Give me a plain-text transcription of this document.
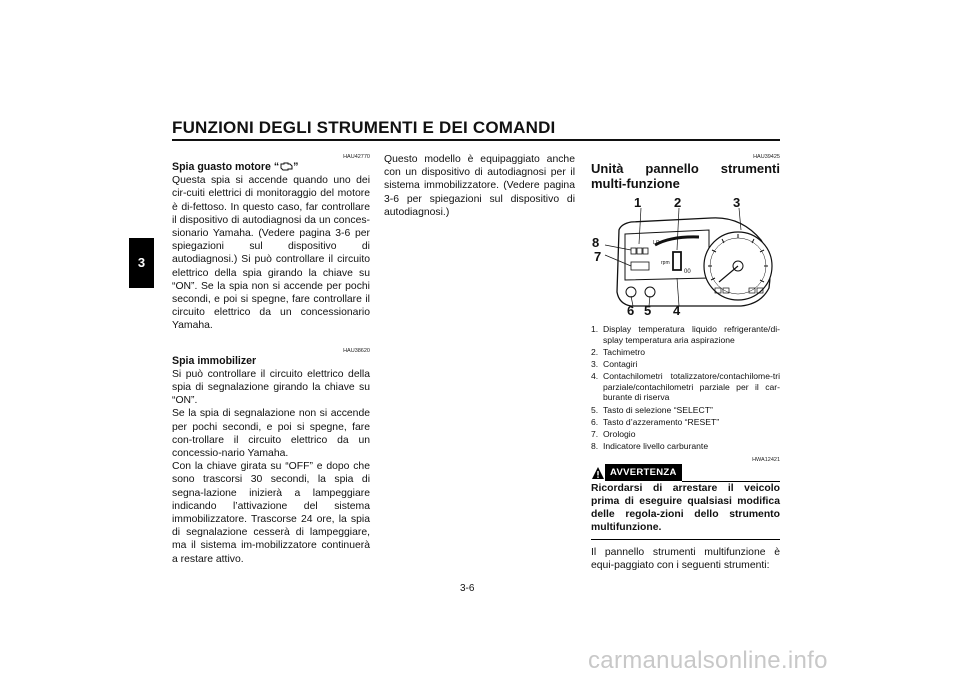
FUNZIONI DEGLI STRUMENTI E DEI COMANDI
3
HAU42770
Spia guasto motore “ ”

Questa spia si accende quando uno dei cir-cuiti elettrici di monitoraggio del motore è di-fettoso. In questo caso, far controllare il dispositivo di autodiagnosi da un conces-sionario Yamaha. (Vedere pagina 3-6 per spiegazioni sul dispositivo di autodiagnosi.) Si può controllare il circuito elettrico della spia girando la chiave su “ON”. Se la spia non si accende per pochi secondi, e poi si spegne, fare controllare il circuito elettrico da un concessionario Yamaha.

HAU38620
Spia immobilizer

Si può controllare il circuito elettrico della spia di segnalazione girando la chiave su “ON”.

Se la spia di segnalazione non si accende per pochi secondi, e poi si spegne, fare con-trollare il circuito elettrico da un concessio-nario Yamaha.

Con la chiave girata su “OFF” e dopo che sono trascorsi 30 secondi, la spia di segna-lazione inizierà a lampeggiare indicando l’attivazione del sistema immobilizzatore. Trascorse 24 ore, la spia di segnalazione cesserà di lampeggiare, ma il sistema im-mobilizzatore continuerà a restare attivo.

Questo modello è equipaggiato anche con un dispositivo di autodiagnosi per il sistema immobilizzatore. (Vedere pagina 3-6 per spiegazioni sul dispositivo di autodiagnosi.)

HAU39425
Unità pannello strumenti multi-funzione
1	2	3
8
7
6 5 4
LO
rpm
00
1. Display temperatura liquido refrigerante/di-splay temperatura aria aspirazione
2. Tachimetro
3. Contagiri
4. Contachilometri totalizzatore/contachilome-tri parziale/contachilometri parziale per il car-burante di riserva
5. Tasto di selezione “SELECT”
6. Tasto d’azzeramento “RESET”
7. Orologio
8. Indicatore livello carburante
HWA12421
AVVERTENZA

Ricordarsi di arrestare il veicolo prima di eseguire qualsiasi modifica delle regola-zioni dello strumento multifunzione.

Il pannello strumenti multifunzione è equi-paggiato con i seguenti strumenti:

3-6
carmanualsonline.info
